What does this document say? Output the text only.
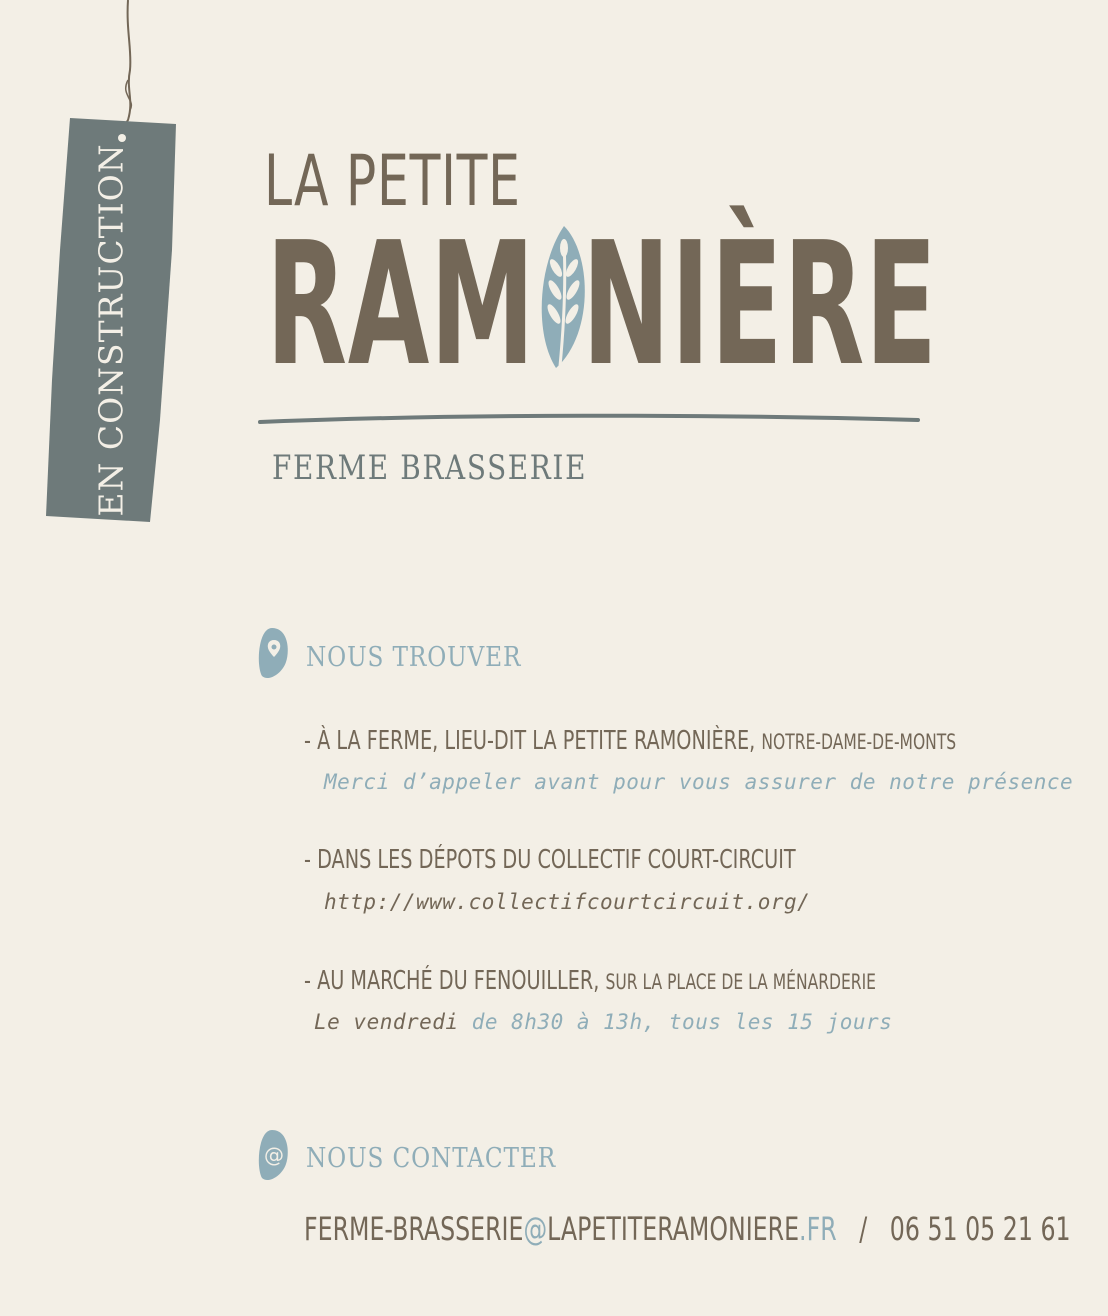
EN CONSTRUCTION LA PETITE
RAM NIÈRE
FERME BRASSERIE
NOUS TROUVER
- À LA FERME, LIEU-DIT LA PETITE RAMONIÈRE, NOTRE-DAME-DE-MONTS
Merci d’appeler avant pour vous assurer de notre présence
- DANS LES DÉPOTS DU COLLECTIF COURT-CIRCUIT
http://www.collectifcourtcircuit.org/
- AU MARCHÉ DU FENOUILLER, SUR LA PLACE DE LA MÉNARDERIE
Le vendredi de 8h30 à 13h, tous les 15 jours
@ NOUS CONTACTER
FERME-BRASSERIE@LAPETITERAMONIERE.FR / 06 51 05 21 61
